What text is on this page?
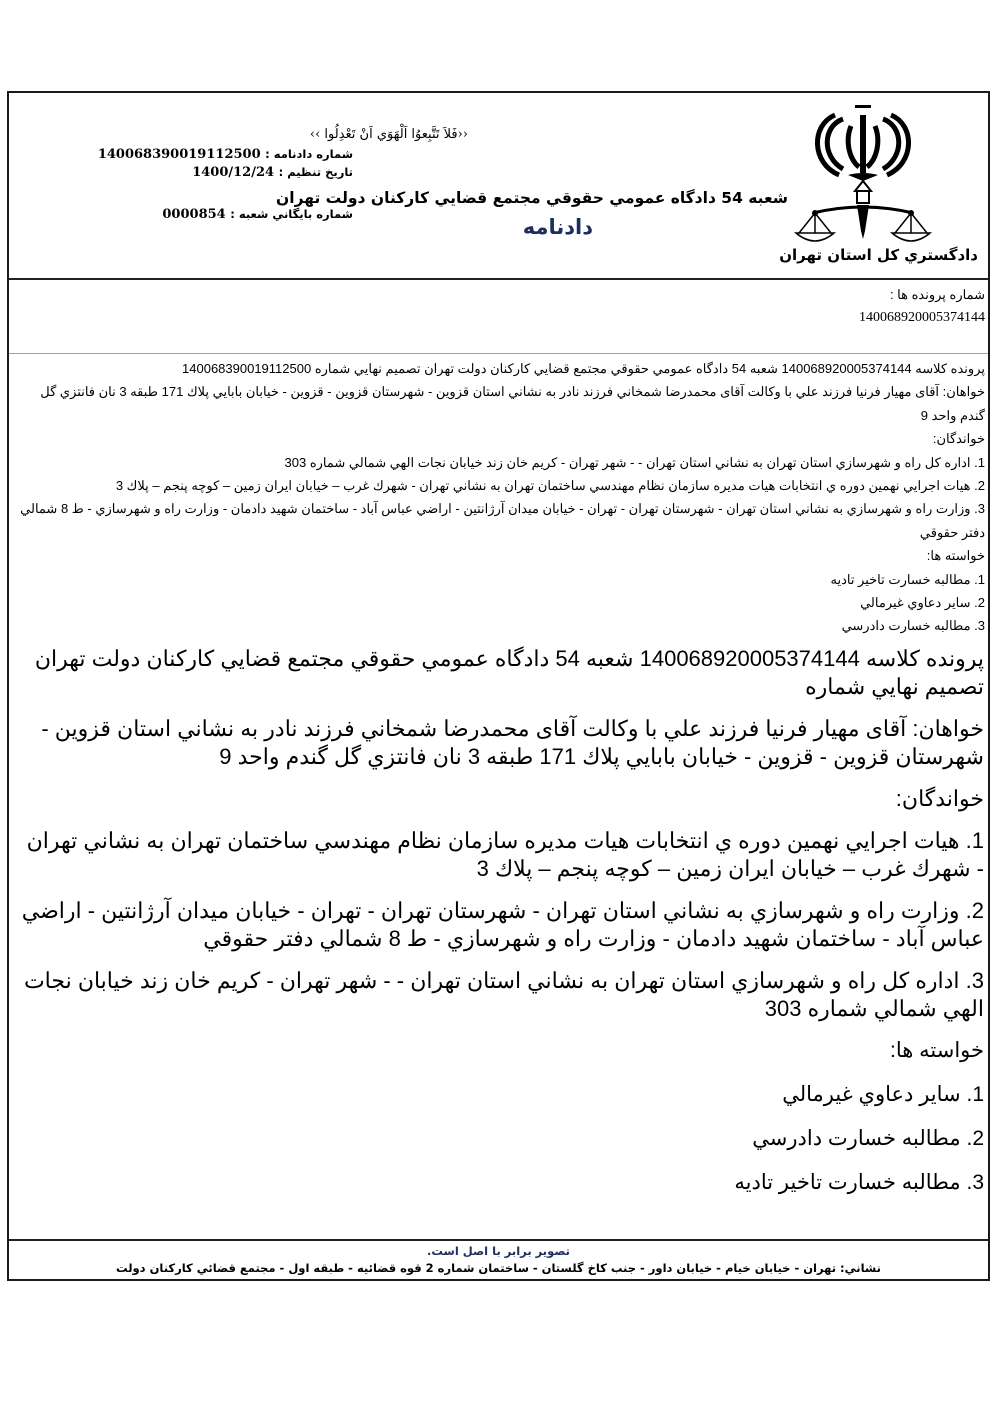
دادگستري كل استان تهران
‹‹فَلاَ تَتَّبِعوُا اَلْهَوَي اَنْ تَعْدِلُوا ››
شعبه 54 دادگاه عمومي حقوقي مجتمع قضايي كاركنان دولت تهران
دادنامه
شماره دادنامه : 140068390019112500
تاريخ تنظيم : 1400/12/24
شماره بايگاني شعبه : 0000854
شماره پرونده ها :
140068920005374144
پرونده كلاسه 140068920005374144 شعبه 54 دادگاه عمومي حقوقي مجتمع قضايي كاركنان دولت تهران تصميم نهايي شماره 140068390019112500
خواهان: آقای مهيار فرنيا فرزند علي با وكالت آقای محمدرضا شمخاني فرزند نادر به نشاني استان قزوين - شهرستان قزوين - قزوين - خيابان بابايي پلاك 171 طبقه 3 نان فانتزي گل گندم واحد 9
خواندگان:
1. اداره كل راه و شهرسازي استان تهران به نشاني استان تهران - - شهر تهران - كريم خان زند خيابان نجات الهي شمالي شماره 303
2. هيات اجرايي نهمين دوره ي انتخابات هيات مديره سازمان نظام مهندسي ساختمان تهران به نشاني تهران - شهرك غرب – خيابان ايران زمين – كوچه پنجم – پلاك 3
3. وزارت راه و شهرسازي به نشاني استان تهران - شهرستان تهران - تهران - خيابان ميدان آرژانتين - اراضي عباس آباد - ساختمان شهيد دادمان - وزارت راه و شهرسازي - ط 8 شمالي دفتر حقوقي
خواسته ها:
1. مطالبه خسارت تاخير تاديه
2. ساير دعاوي غيرمالي
3. مطالبه خسارت دادرسي

پرونده كلاسه 140068920005374144 شعبه 54 دادگاه عمومي حقوقي مجتمع قضايي كاركنان دولت تهران تصميم نهايي شماره

خواهان: آقای مهيار فرنيا فرزند علي با وكالت آقای محمدرضا شمخاني فرزند نادر به نشاني استان قزوين - شهرستان قزوين - قزوين - خيابان بابايي پلاك 171 طبقه 3 نان فانتزي گل گندم واحد 9

خواندگان:

1. هيات اجرايي نهمين دوره ي انتخابات هيات مديره سازمان نظام مهندسي ساختمان تهران به نشاني تهران - شهرك غرب – خيابان ايران زمين – كوچه پنجم – پلاك 3

2. وزارت راه و شهرسازي به نشاني استان تهران - شهرستان تهران - تهران - خيابان ميدان آرژانتين - اراضي عباس آباد - ساختمان شهيد دادمان - وزارت راه و شهرسازي - ط 8 شمالي دفتر حقوقي

3. اداره كل راه و شهرسازي استان تهران به نشاني استان تهران - - شهر تهران - كريم خان زند خيابان نجات الهي شمالي شماره 303

خواسته ها:

1. ساير دعاوي غيرمالي

2. مطالبه خسارت دادرسي

3. مطالبه خسارت تاخير تاديه

تصوير برابر با اصل است.
نشاني: تهران - خيابان خيام - خيابان داور - جنب كاخ گلستان - ساختمان شماره 2 قوه قضائيه - طبقه اول - مجتمع قضائي كاركنان دولت
